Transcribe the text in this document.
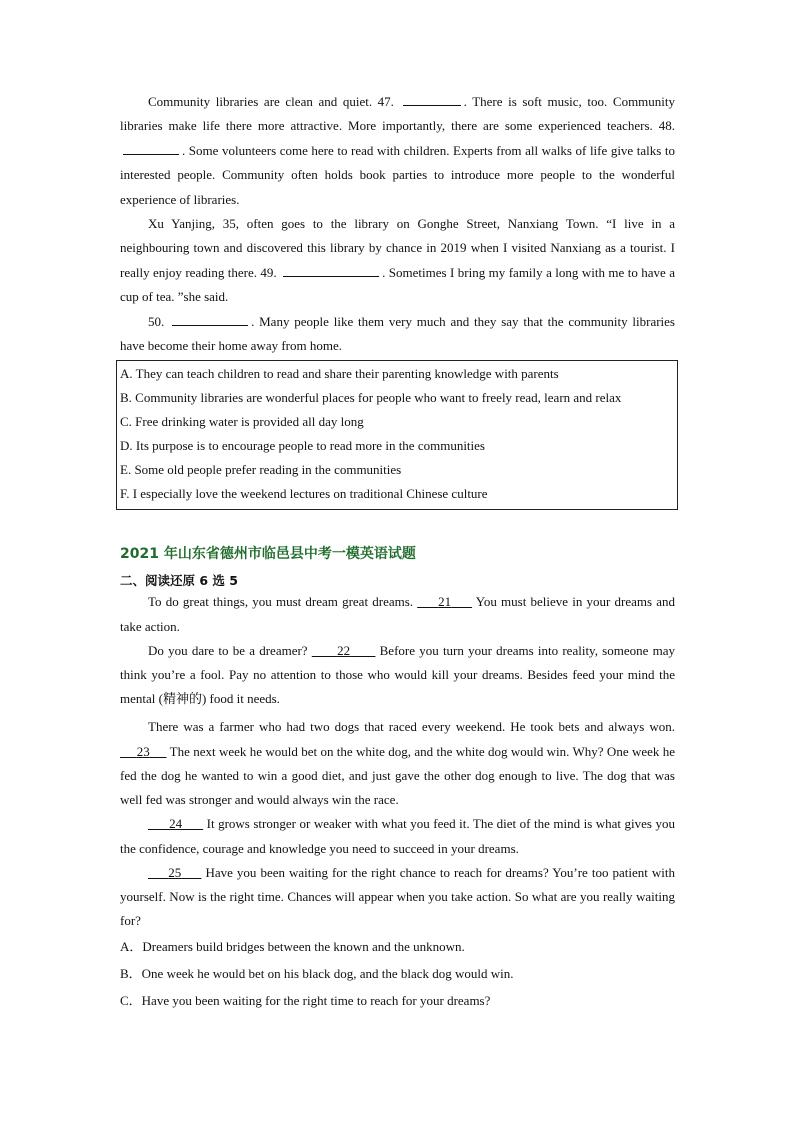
Community libraries are clean and quiet. 47.	. There is soft music, too. Community libraries make life there more attractive. More importantly, there are some experienced teachers. 48. . Some volunteers come here to read with children. Experts from all walks of life give talks to interested people. Community often holds book parties to introduce more people to the wonderful experience of libraries.

Xu Yanjing, 35, often goes to the library on Gonghe Street, Nanxiang Town. “I live in a neighbouring town and discovered this library by chance in 2019 when I visited Nanxiang as a tourist. I really enjoy reading there. 49.	. Sometimes I bring my family a long with me to have a cup of tea. ”she said.

50.	. Many people like them very much and they say that the community libraries have become their home away from home.

A. They can teach children to read and share their parenting knowledge with parents

B. Community libraries are wonderful places for people who want to freely read, learn and relax

C. Free drinking water is provided all day long

D. Its purpose is to encourage people to read more in the communities

E. Some old people prefer reading in the communities

F. I especially love the weekend lectures on traditional Chinese culture

2021 年山东省德州市临邑县中考一模英语试题
二、阅读还原 6 选 5

To do great things, you must dream great dreams.      21      You must believe in your dreams and take action.

Do you dare to be a dreamer?       22       Before you turn your dreams into reality, someone may think you’re a fool. Pay no attention to those who would kill your dreams. Besides feed your mind the mental (精神的) food it needs.

There was a farmer who had two dogs that raced every weekend. He took bets and always won.      23      The next week he would bet on the white dog, and the white dog would win. Why? One week he fed the dog he wanted to win a good diet, and just gave the other dog enough to live. The dog that was well fed was stronger and would always win the race.

24       It grows stronger or weaker with what you feed it. The diet of the mind is what gives you the confidence, courage and knowledge you need to succeed in your dreams.

25      Have you been waiting for the right chance to reach for dreams? You’re too patient with yourself. Now is the right time. Chances will appear when you take action. So what are you really waiting for?

A．Dreamers build bridges between the known and the unknown.

B．One week he would bet on his black dog, and the black dog would win.

C．Have you been waiting for the right time to reach for your dreams?
